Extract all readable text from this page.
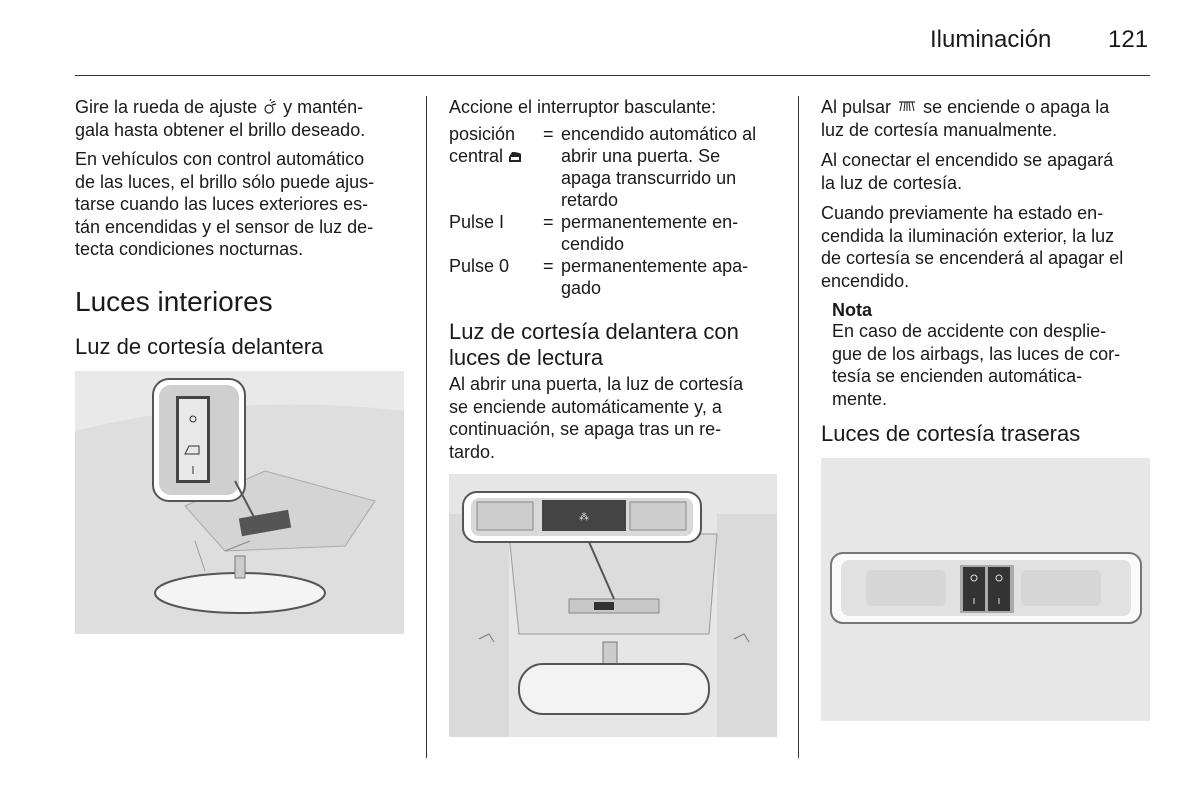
Iluminación 121

Gire la rueda de ajuste y mantén-
gala hasta obtener el brillo deseado.

En vehículos con control automático
de las luces, el brillo sólo puede ajus-
tarse cuando las luces exteriores es-
tán encendidas y el sensor de luz de-
tecta condiciones nocturnas.

Luces interiores
Luz de cortesía delantera

Accione el interruptor basculante:

posición
central	=	encendido automático al
abrir una puerta. Se
apaga transcurrido un
retardo
Pulse I	=	permanentemente en-
cendido
Pulse 0	=	permanentemente apa-
gado
Luz de cortesía delantera con
luces de lectura

Al abrir una puerta, la luz de cortesía
se enciende automáticamente y, a
continuación, se apaga tras un re-
tardo.

⁂

Al pulsar se enciende o apaga la
luz de cortesía manualmente.

Al conectar el encendido se apagará
la luz de cortesía.

Cuando previamente ha estado en-
cendida la iluminación exterior, la luz
de cortesía se encenderá al apagar el
encendido.

Nota

En caso de accidente con desplie-
gue de los airbags, las luces de cor-
tesía se encienden automática-
mente.

Luces de cortesía traseras
